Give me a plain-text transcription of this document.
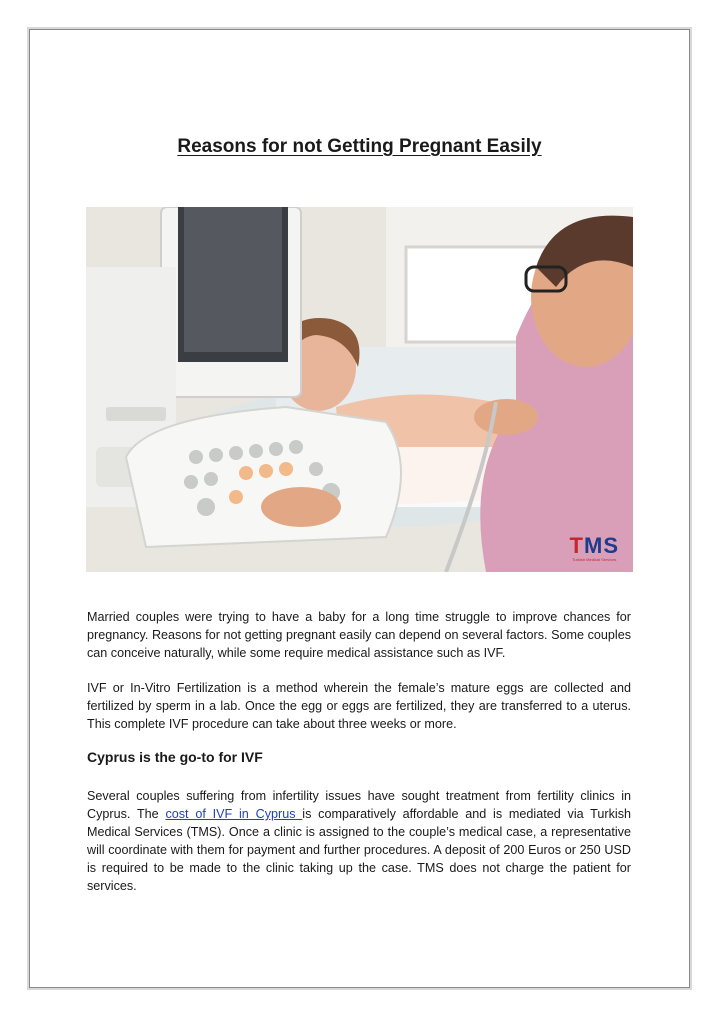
Reasons for not Getting Pregnant Easily
TMS
Turkish Medical Services
Married couples were trying to have a baby for a long time struggle to improve chances for pregnancy. Reasons for not getting pregnant easily can depend on several factors. Some couples can conceive naturally, while some require medical assistance such as IVF.
IVF or In-Vitro Fertilization is a method wherein the female’s mature eggs are collected and fertilized by sperm in a lab. Once the egg or eggs are fertilized, they are transferred to a uterus. This complete IVF procedure can take about three weeks or more.
Cyprus is the go-to for IVF
Several couples suffering from infertility issues have sought treatment from fertility clinics in Cyprus. The cost of IVF in Cyprus is comparatively affordable and is mediated via Turkish Medical Services (TMS). Once a clinic is assigned to the couple’s medical case, a representative will coordinate with them for payment and further procedures. A deposit of 200 Euros or 250 USD is required to be made to the clinic taking up the case. TMS does not charge the patient for services.
